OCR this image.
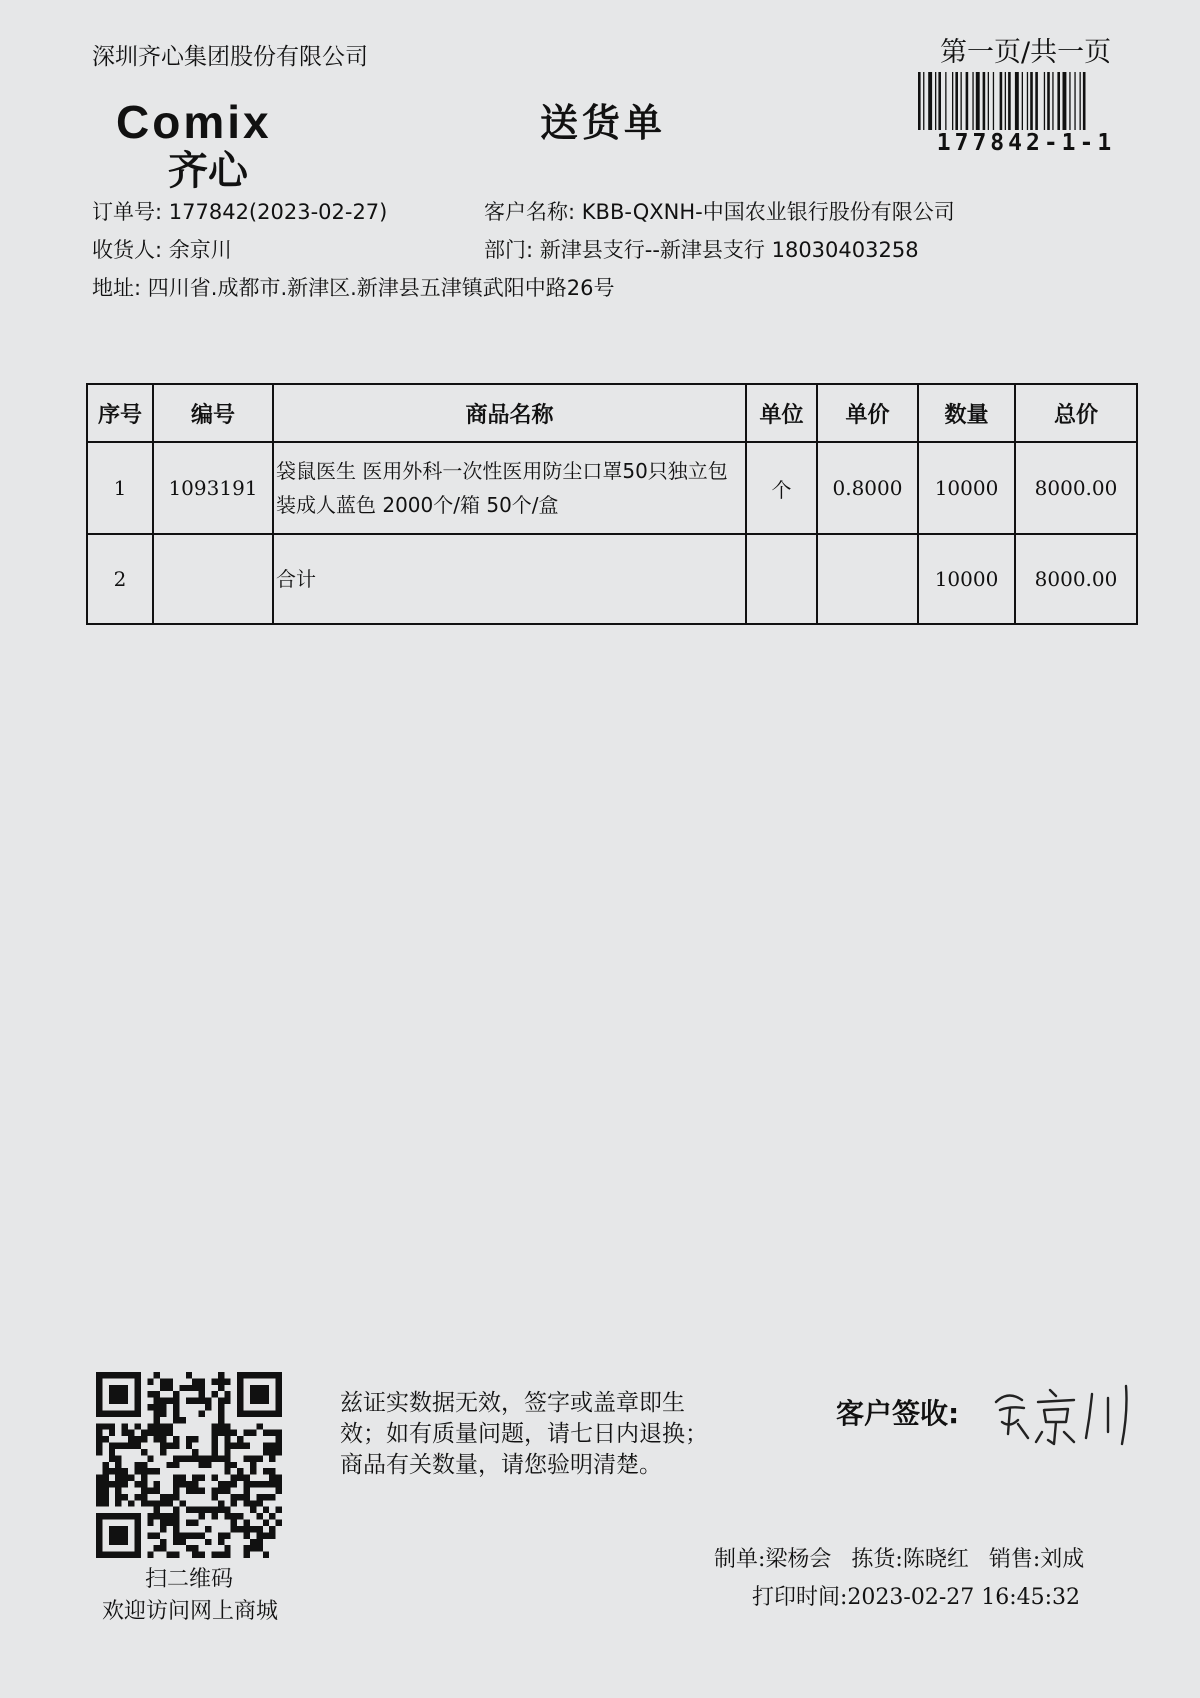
深圳齐心集团股份有限公司	第一页/共一页
177842-1-1
Comix
齐心
送货单
订单号: 177842(2023-02-27)	客户名称: KBB-QXNH-中国农业银行股份有限公司
收货人: 余京川	部门: 新津县支行--新津县支行 18030403258
地址: 四川省.成都市.新津区.新津县五津镇武阳中路26号
序号	编号	商品名称	单位	单价	数量	总价
1	1093191	袋鼠医生 医用外科一次性医用防尘口罩50只独立包装成人蓝色 2000个/箱 50个/盒	个	0.8000	10000	8000.00
2		合计			10000	8000.00
扫二维码
欢迎访问网上商城
兹证实数据无效，签字或盖章即生
效；如有质量问题，请七日内退换；
商品有关数量，请您验明清楚。
客户签收:
制单:梁杨会 拣货:陈晓红 销售:刘成
打印时间:2023-02-27 16:45:32
